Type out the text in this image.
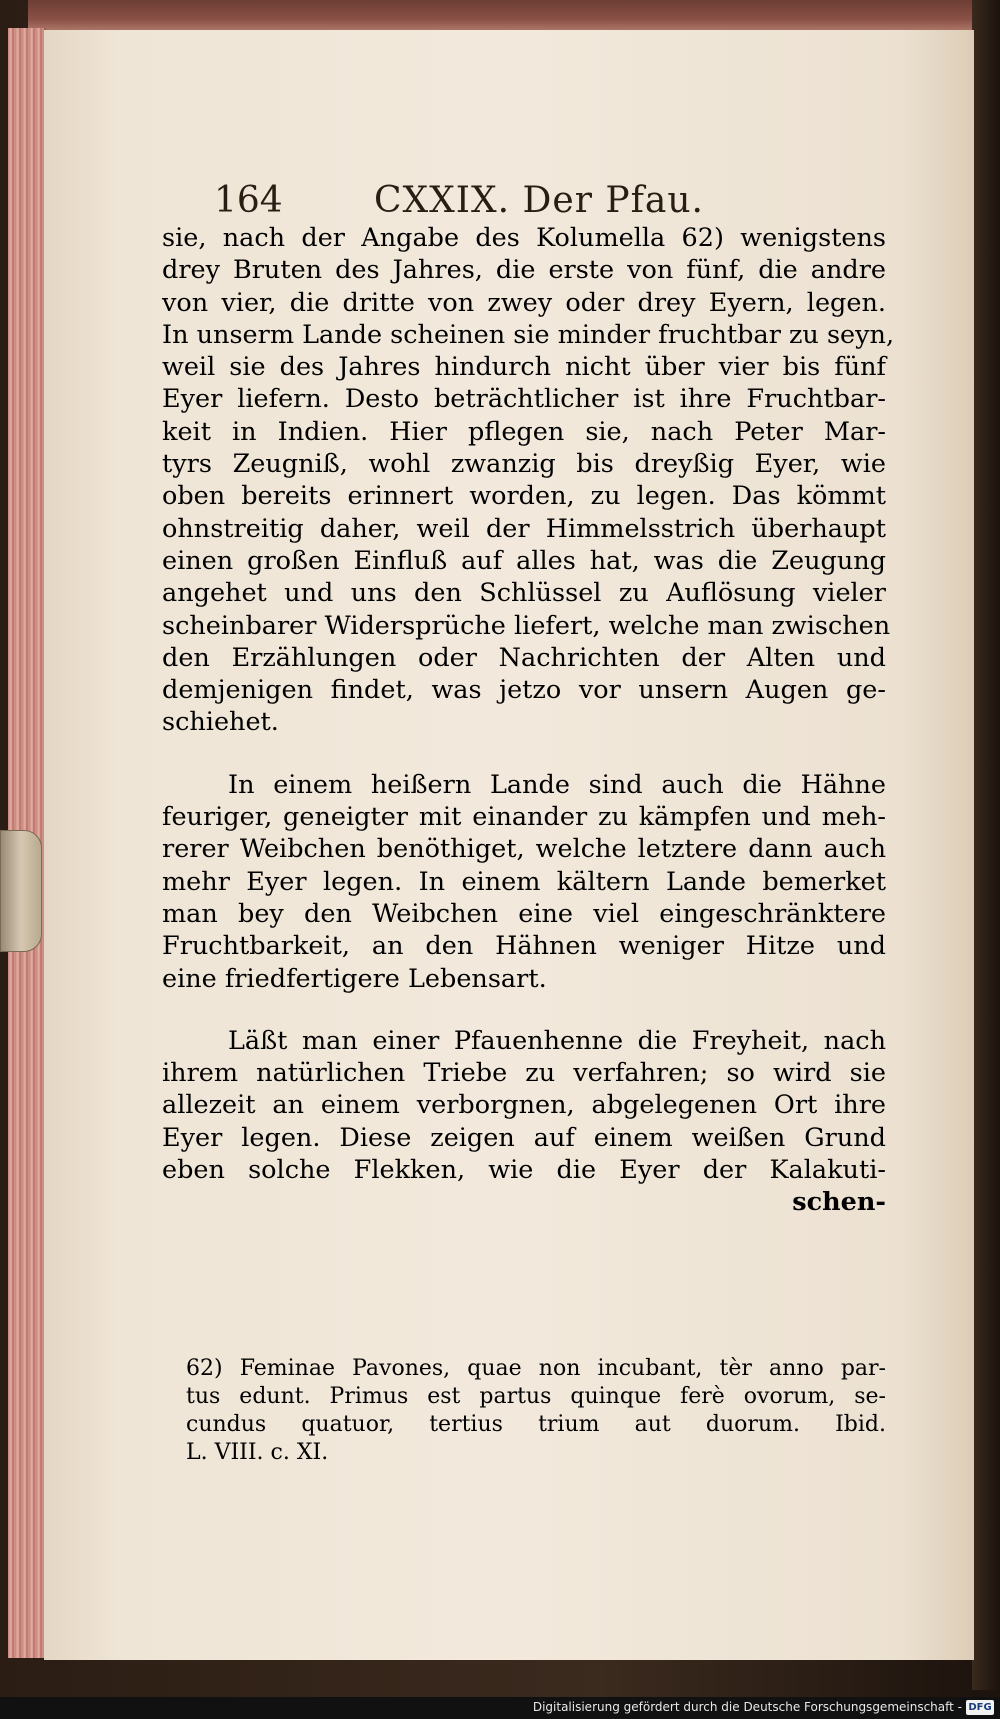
164	CXXIX. Der Pfau.

sie, nach der Angabe des Kolumella 62) wenigstens
drey Bruten des Jahres, die erste von fünf, die andre
von vier, die dritte von zwey oder drey Eyern, legen.
In unserm Lande scheinen sie minder fruchtbar zu seyn,
weil sie des Jahres hindurch nicht über vier bis fünf
Eyer liefern. Desto beträchtlicher ist ihre Fruchtbar-
keit in Indien. Hier pflegen sie, nach Peter Mar-
tyrs Zeugniß, wohl zwanzig bis dreyßig Eyer, wie
oben bereits erinnert worden, zu legen. Das kömmt
ohnstreitig daher, weil der Himmelsstrich überhaupt
einen großen Einfluß auf alles hat, was die Zeugung
angehet und uns den Schlüssel zu Auflösung vieler
scheinbarer Widersprüche liefert, welche man zwischen
den Erzählungen oder Nachrichten der Alten und
demjenigen findet, was jetzo vor unsern Augen ge-
schiehet.

In einem heißern Lande sind auch die Hähne
feuriger, geneigter mit einander zu kämpfen und meh-
rerer Weibchen benöthiget, welche letztere dann auch
mehr Eyer legen. In einem kältern Lande bemerket
man bey den Weibchen eine viel eingeschränktere
Fruchtbarkeit, an den Hähnen weniger Hitze und
eine friedfertigere Lebensart.

Läßt man einer Pfauenhenne die Freyheit, nach
ihrem natürlichen Triebe zu verfahren; so wird sie
allezeit an einem verborgnen, abgelegenen Ort ihre
Eyer legen. Diese zeigen auf einem weißen Grund
eben solche Flekken, wie die Eyer der Kalakuti-
schen-

62) Feminae Pavones, quae non incubant, tèr anno par-
tus edunt. Primus est partus quinque ferè ovorum, se-
cundus quatuor, tertius trium aut duorum. Ibid.
L. VIII. c. XI.
Digitalisierung gefördert durch die Deutsche Forschungsgemeinschaft - DFG
